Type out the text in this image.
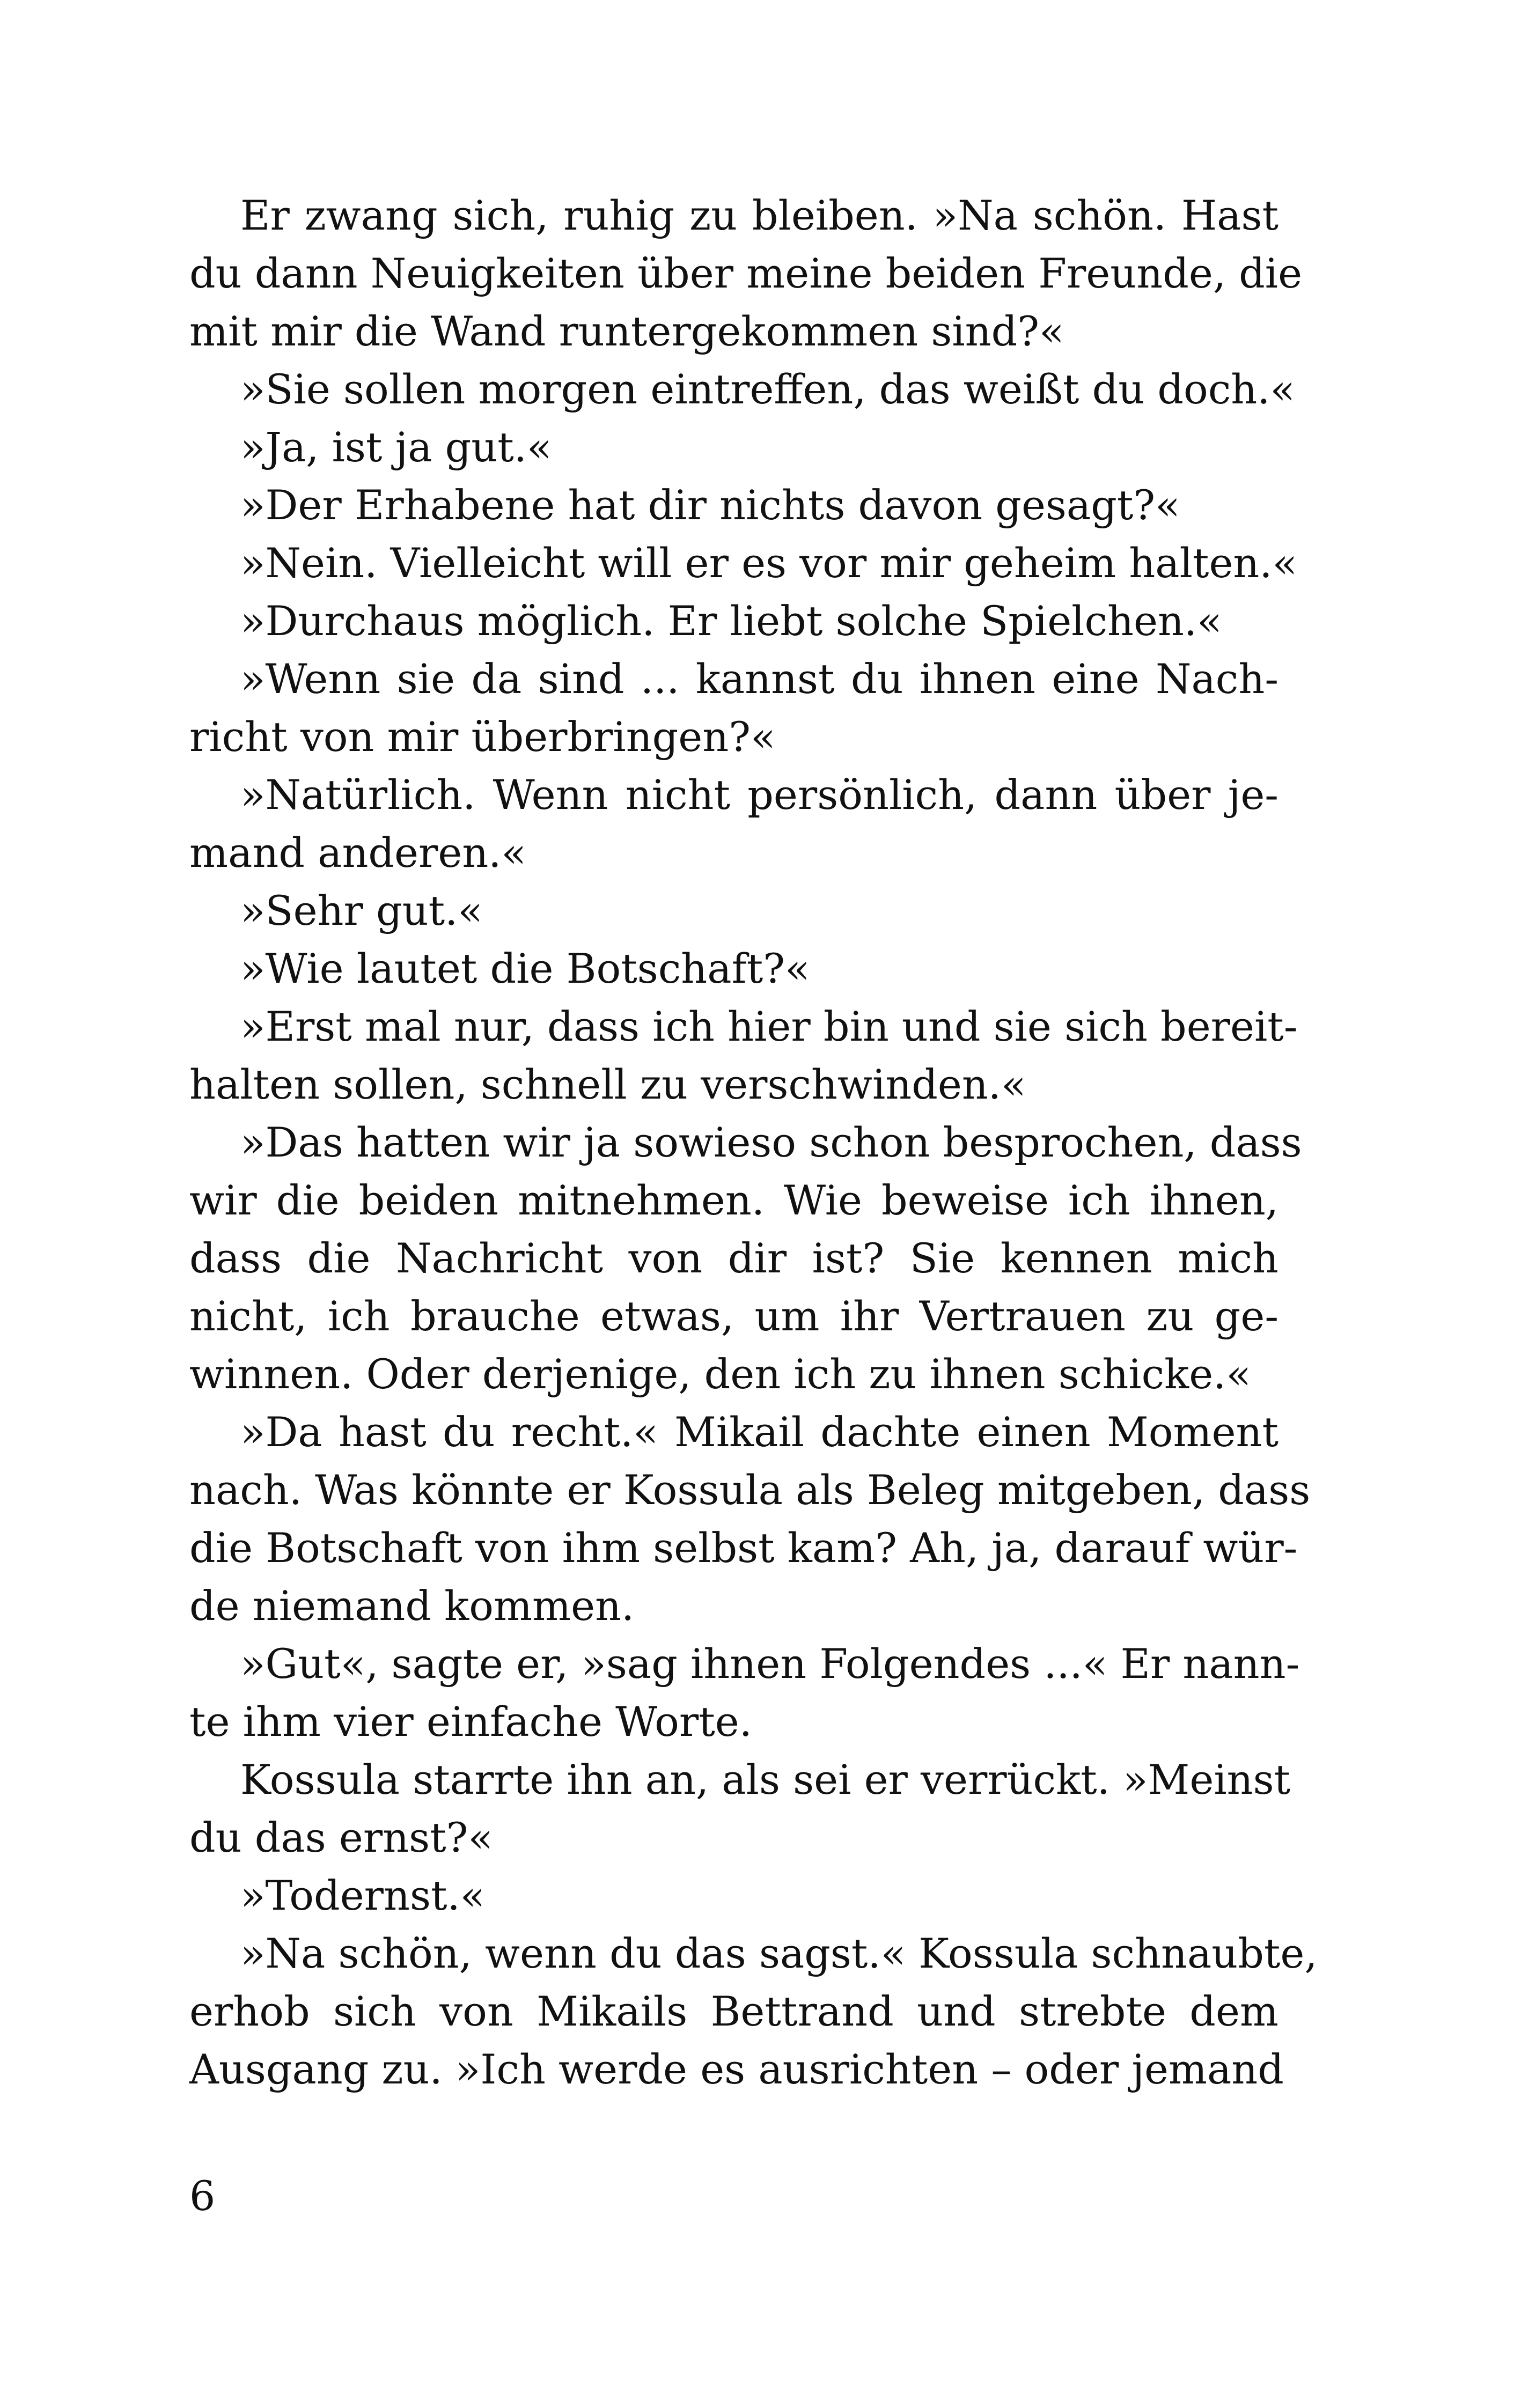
Er zwang sich, ruhig zu bleiben. »Na schön. Hast
du dann Neuigkeiten über meine beiden Freunde, die
mit mir die Wand runtergekommen sind?«
»Sie sollen morgen eintreffen, das weißt du doch.«
»Ja, ist ja gut.«
»Der Erhabene hat dir nichts davon gesagt?«
»Nein. Vielleicht will er es vor mir geheim halten.«
»Durchaus möglich. Er liebt solche Spielchen.«
»Wenn sie da sind ... kannst du ihnen eine Nach-
richt von mir überbringen?«
»Natürlich. Wenn nicht persönlich, dann über je-
mand anderen.«
»Sehr gut.«
»Wie lautet die Botschaft?«
»Erst mal nur, dass ich hier bin und sie sich bereit-
halten sollen, schnell zu verschwinden.«
»Das hatten wir ja sowieso schon besprochen, dass
wir die beiden mitnehmen. Wie beweise ich ihnen,
dass die Nachricht von dir ist? Sie kennen mich
nicht, ich brauche etwas, um ihr Vertrauen zu ge-
winnen. Oder derjenige, den ich zu ihnen schicke.«
»Da hast du recht.« Mikail dachte einen Moment
nach. Was könnte er Kossula als Beleg mitgeben, dass
die Botschaft von ihm selbst kam? Ah, ja, darauf wür-
de niemand kommen.
»Gut«, sagte er, »sag ihnen Folgendes ...« Er nann-
te ihm vier einfache Worte.
Kossula starrte ihn an, als sei er verrückt. »Meinst
du das ernst?«
»Todernst.«
»Na schön, wenn du das sagst.« Kossula schnaubte,
erhob sich von Mikails Bettrand und strebte dem
Ausgang zu. »Ich werde es ausrichten – oder jemand
6
